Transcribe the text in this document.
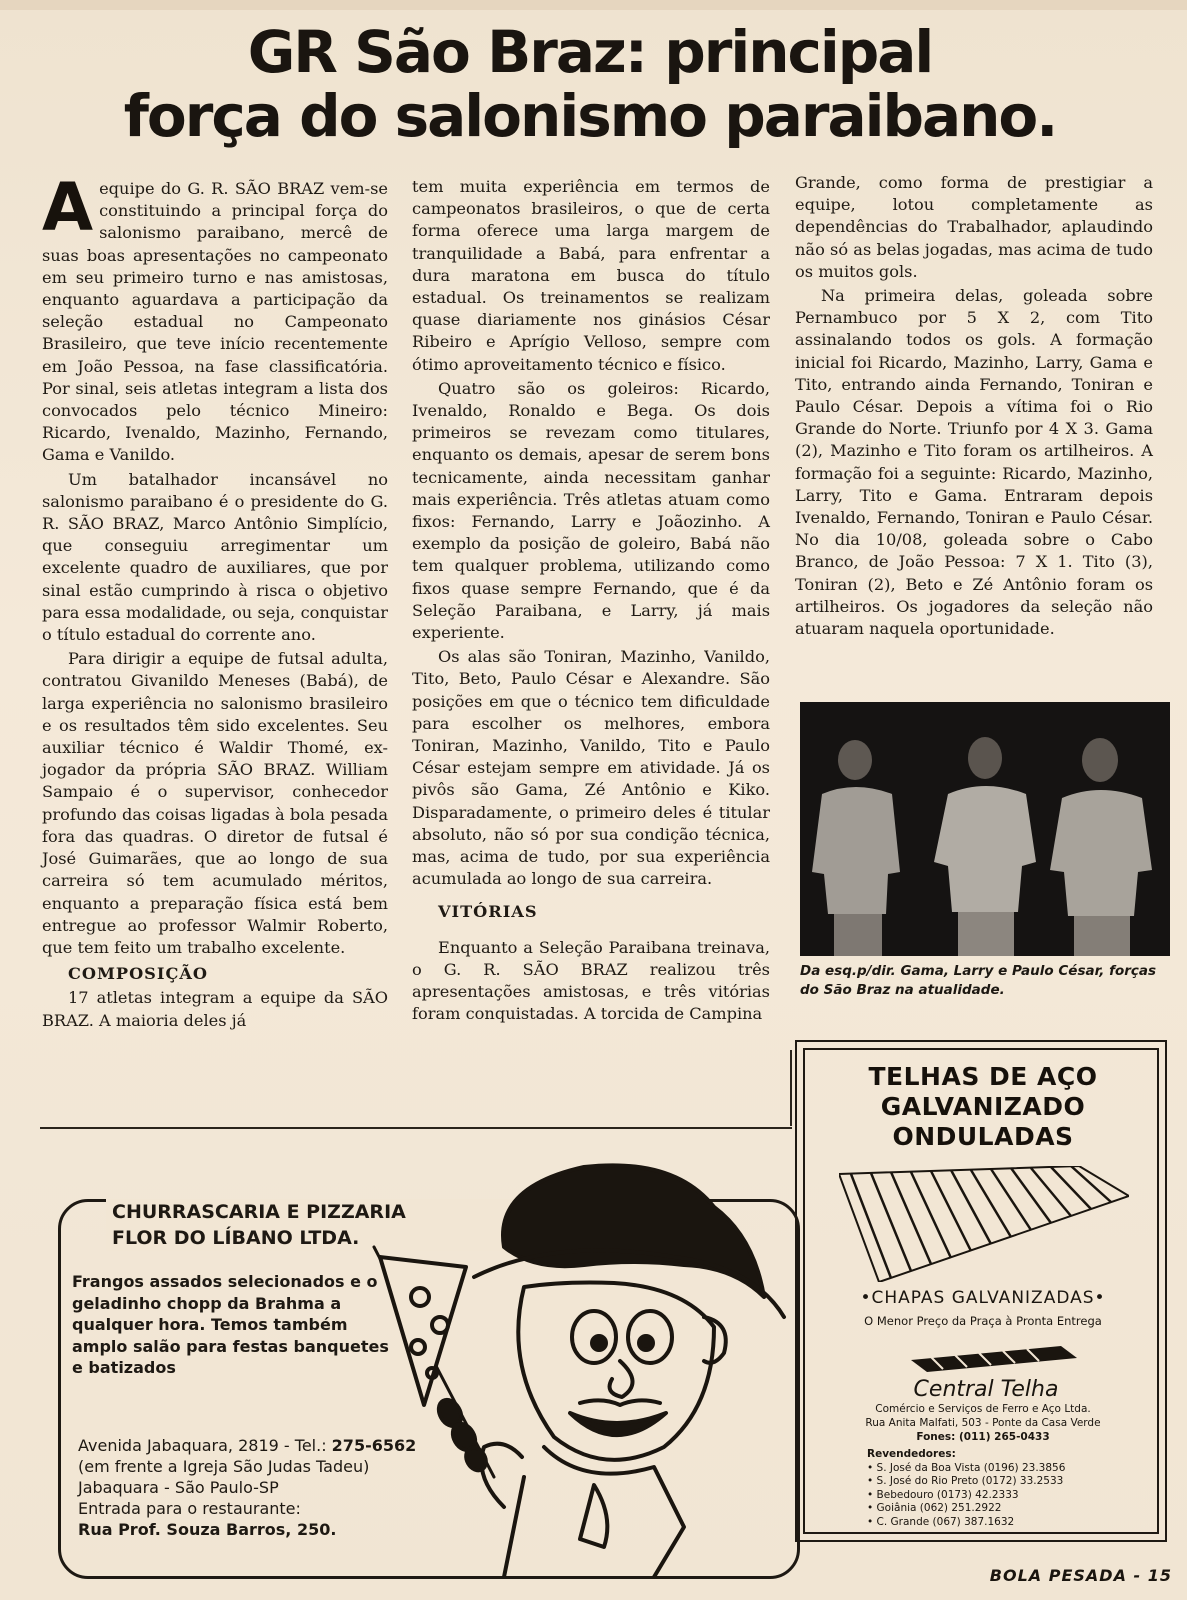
GR São Braz: principal
força do salonismo paraibano.

Aequipe do G. R. SÃO BRAZ vem-se constituindo a principal força do salonismo paraibano, mercê de suas boas apresentações no campeonato em seu primeiro turno e nas amistosas, enquanto aguardava a participação da seleção estadual no Campeonato Brasileiro, que teve início recentemente em João Pessoa, na fase classificatória. Por sinal, seis atletas integram a lista dos convocados pelo técnico Mineiro: Ricardo, Ivenaldo, Mazinho, Fernando, Gama e Vanildo.

Um batalhador incansável no salonismo paraibano é o presidente do G. R. SÃO BRAZ, Marco Antônio Simplício, que conseguiu arregimentar um excelente quadro de auxiliares, que por sinal estão cumprindo à risca o objetivo para essa modalidade, ou seja, conquistar o título estadual do corrente ano.

Para dirigir a equipe de futsal adulta, contratou Givanildo Meneses (Babá), de larga experiência no salonismo brasileiro e os resultados têm sido excelentes. Seu auxiliar técnico é Waldir Thomé, ex-jogador da própria SÃO BRAZ. William Sampaio é o supervisor, conhecedor profundo das coisas ligadas à bola pesada fora das quadras. O diretor de futsal é José Guimarães, que ao longo de sua carreira só tem acumulado méritos, enquanto a preparação física está bem entregue ao professor Walmir Roberto, que tem feito um trabalho excelente.

COMPOSIÇÃO

17 atletas integram a equipe da SÃO BRAZ. A maioria deles já

tem muita experiência em termos de campeonatos brasileiros, o que de certa forma oferece uma larga margem de tranquilidade a Babá, para enfrentar a dura maratona em busca do título estadual. Os treinamentos se realizam quase diariamente nos ginásios César Ribeiro e Aprígio Velloso, sempre com ótimo aproveitamento técnico e físico.

Quatro são os goleiros: Ricardo, Ivenaldo, Ronaldo e Bega. Os dois primeiros se revezam como titulares, enquanto os demais, apesar de serem bons tecnicamente, ainda necessitam ganhar mais experiência. Três atletas atuam como fixos: Fernando, Larry e Joãozinho. A exemplo da posição de goleiro, Babá não tem qualquer problema, utilizando como fixos quase sempre Fernando, que é da Seleção Paraibana, e Larry, já mais experiente.

Os alas são Toniran, Mazinho, Vanildo, Tito, Beto, Paulo César e Alexandre. São posições em que o técnico tem dificuldade para escolher os melhores, embora Toniran, Mazinho, Vanildo, Tito e Paulo César estejam sempre em atividade. Já os pivôs são Gama, Zé Antônio e Kiko. Disparadamente, o primeiro deles é titular absoluto, não só por sua condição técnica, mas, acima de tudo, por sua experiência acumulada ao longo de sua carreira.

VITÓRIAS

Enquanto a Seleção Paraibana treinava, o G. R. SÃO BRAZ realizou três apresentações amistosas, e três vitórias foram conquistadas. A torcida de Campina

Grande, como forma de prestigiar a equipe, lotou completamente as dependências do Trabalhador, aplaudindo não só as belas jogadas, mas acima de tudo os muitos gols.

Na primeira delas, goleada sobre Pernambuco por 5 X 2, com Tito assinalando todos os gols. A formação inicial foi Ricardo, Mazinho, Larry, Gama e Tito, entrando ainda Fernando, Toniran e Paulo César. Depois a vítima foi o Rio Grande do Norte. Triunfo por 4 X 3. Gama (2), Mazinho e Tito foram os artilheiros. A formação foi a seguinte: Ricardo, Mazinho, Larry, Tito e Gama. Entraram depois Ivenaldo, Fernando, Toniran e Paulo César. No dia 10/08, goleada sobre o Cabo Branco, de João Pessoa: 7 X 1. Tito (3), Toniran (2), Beto e Zé Antônio foram os artilheiros. Os jogadores da seleção não atuaram naquela oportunidade.

Da esq.p/dir. Gama, Larry e Paulo César, forças do São Braz na atualidade.
CHURRASCARIA E PIZZARIA
FLOR DO LÍBANO LTDA.
Frangos assados selecionados e o geladinho chopp da Brahma a qualquer hora. Temos também amplo salão para festas banquetes e batizados
Avenida Jabaquara, 2819 - Tel.: 275-6562
(em frente a Igreja São Judas Tadeu)
Jabaquara - São Paulo-SP
Entrada para o restaurante:
Rua Prof. Souza Barros, 250.
TELHAS DE AÇO
GALVANIZADO
ONDULADAS
•CHAPAS GALVANIZADAS•
O Menor Preço da Praça à Pronta Entrega
Central Telha
Comércio e Serviços de Ferro e Aço Ltda.
Rua Anita Malfati, 503 - Ponte da Casa Verde
Fones: (011) 265-0433
Revendedores:
• S. José da Boa Vista (0196) 23.3856
• S. José do Rio Preto (0172) 33.2533
• Bebedouro (0173) 42.2333
• Goiânia (062) 251.2922
• C. Grande (067) 387.1632
BOLA PESADA - 15
